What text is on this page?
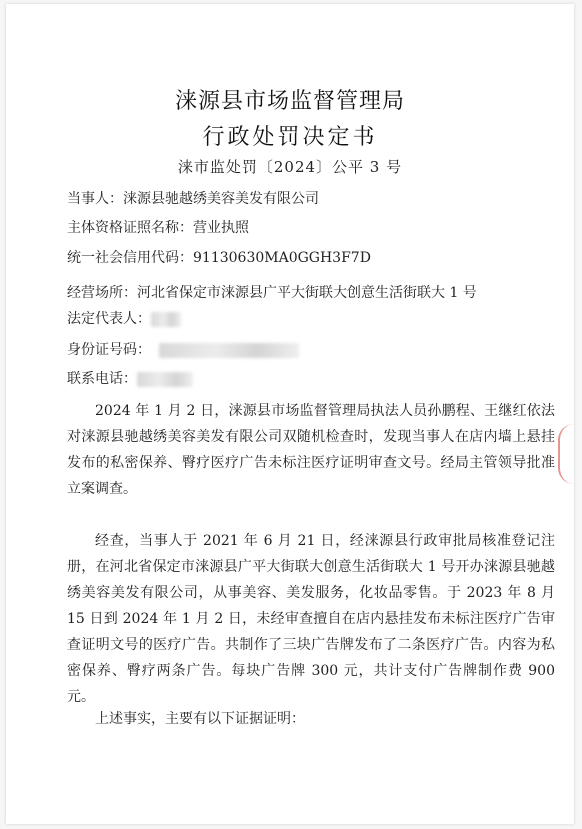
涞源县市场监督管理局
行政处罚决定书
涞市监处罚〔2024〕公平 3 号
当事人：涞源县驰越绣美容美发有限公司
主体资格证照名称：营业执照
统一社会信用代码：91130630MA0GGH3F7D
经营场所：河北省保定市涞源县广平大街联大创意生活街联大 1 号
法定代表人：
身份证号码：
联系电话：
2024 年 1 月 2 日，涞源县市场监督管理局执法人员孙鹏程、王继红依法对涞源县驰越绣美容美发有限公司双随机检查时，发现当事人在店内墙上悬挂发布的私密保养、臀疗医疗广告未标注医疗证明审查文号。经局主管领导批准立案调查。
经查，当事人于 2021 年 6 月 21 日，经涞源县行政审批局核准登记注册，在河北省保定市涞源县广平大街联大创意生活街联大 1 号开办涞源县驰越绣美容美发有限公司，从事美容、美发服务，化妆品零售。于 2023 年 8 月 15 日到 2024 年 1 月 2 日，未经审查擅自在店内悬挂发布未标注医疗广告审查证明文号的医疗广告。共制作了三块广告牌发布了二条医疗广告。内容为私密保养、臀疗两条广告。每块广告牌 300 元，共计支付广告牌制作费 900 元。
上述事实，主要有以下证据证明：
